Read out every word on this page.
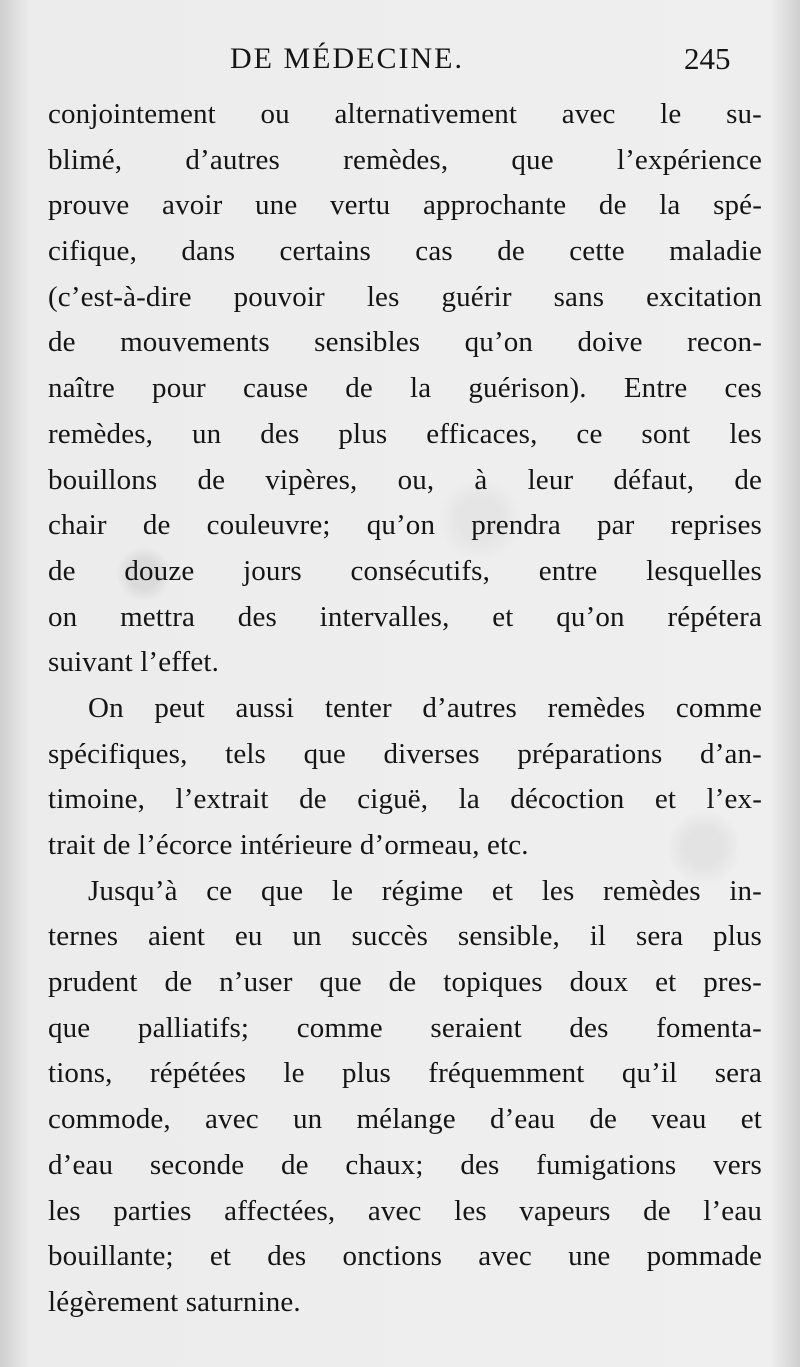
DE MÉDECINE.	245
conjointement ou alternativement avec le su-
blimé, d’autres remèdes, que l’expérience
prouve avoir une vertu approchante de la spé-
cifique, dans certains cas de cette maladie
(c’est-à-dire pouvoir les guérir sans excitation
de mouvements sensibles qu’on doive recon-
naître pour cause de la guérison). Entre ces
remèdes, un des plus efficaces, ce sont les
bouillons de vipères, ou, à leur défaut, de
chair de couleuvre; qu’on prendra par reprises
de douze jours consécutifs, entre lesquelles
on mettra des intervalles, et qu’on répétera
suivant l’effet.
On peut aussi tenter d’autres remèdes comme
spécifiques, tels que diverses préparations d’an-
timoine, l’extrait de ciguë, la décoction et l’ex-
trait de l’écorce intérieure d’ormeau, etc.
Jusqu’à ce que le régime et les remèdes in-
ternes aient eu un succès sensible, il sera plus
prudent de n’user que de topiques doux et pres-
que palliatifs; comme seraient des fomenta-
tions, répétées le plus fréquemment qu’il sera
commode, avec un mélange d’eau de veau et
d’eau seconde de chaux; des fumigations vers
les parties affectées, avec les vapeurs de l’eau
bouillante; et des onctions avec une pommade
légèrement saturnine.
